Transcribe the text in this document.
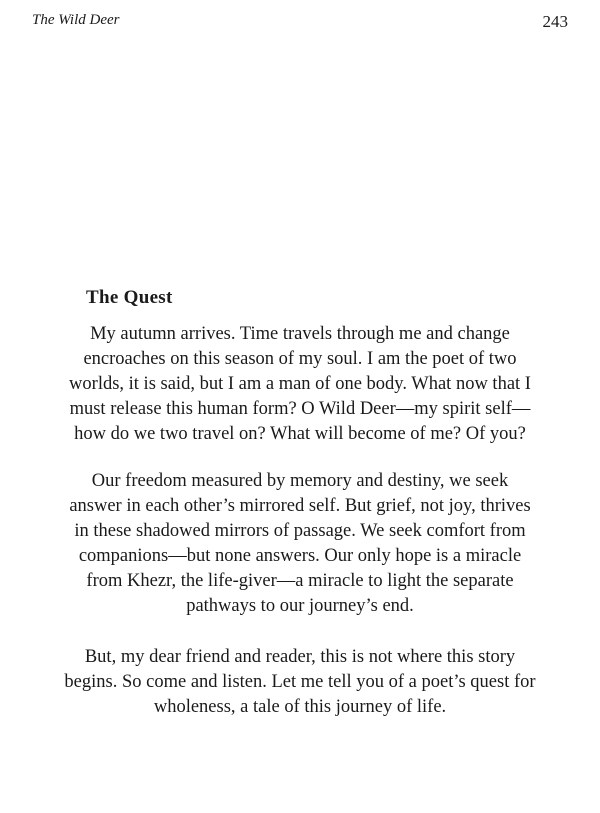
The Wild Deer	243
The Quest
My autumn arrives. Time travels through me and change
encroaches on this season of my soul. I am the poet of two
worlds, it is said, but I am a man of one body. What now that I
must release this human form? O Wild Deer—my spirit self—
how do we two travel on? What will become of me? Of you?
Our freedom measured by memory and destiny, we seek
answer in each other’s mirrored self. But grief, not joy, thrives
in these shadowed mirrors of passage. We seek comfort from
companions—but none answers. Our only hope is a miracle
from Khezr, the life-giver—a miracle to light the separate
pathways to our journey’s end.
But, my dear friend and reader, this is not where this story
begins. So come and listen. Let me tell you of a poet’s quest for
wholeness, a tale of this journey of life.
